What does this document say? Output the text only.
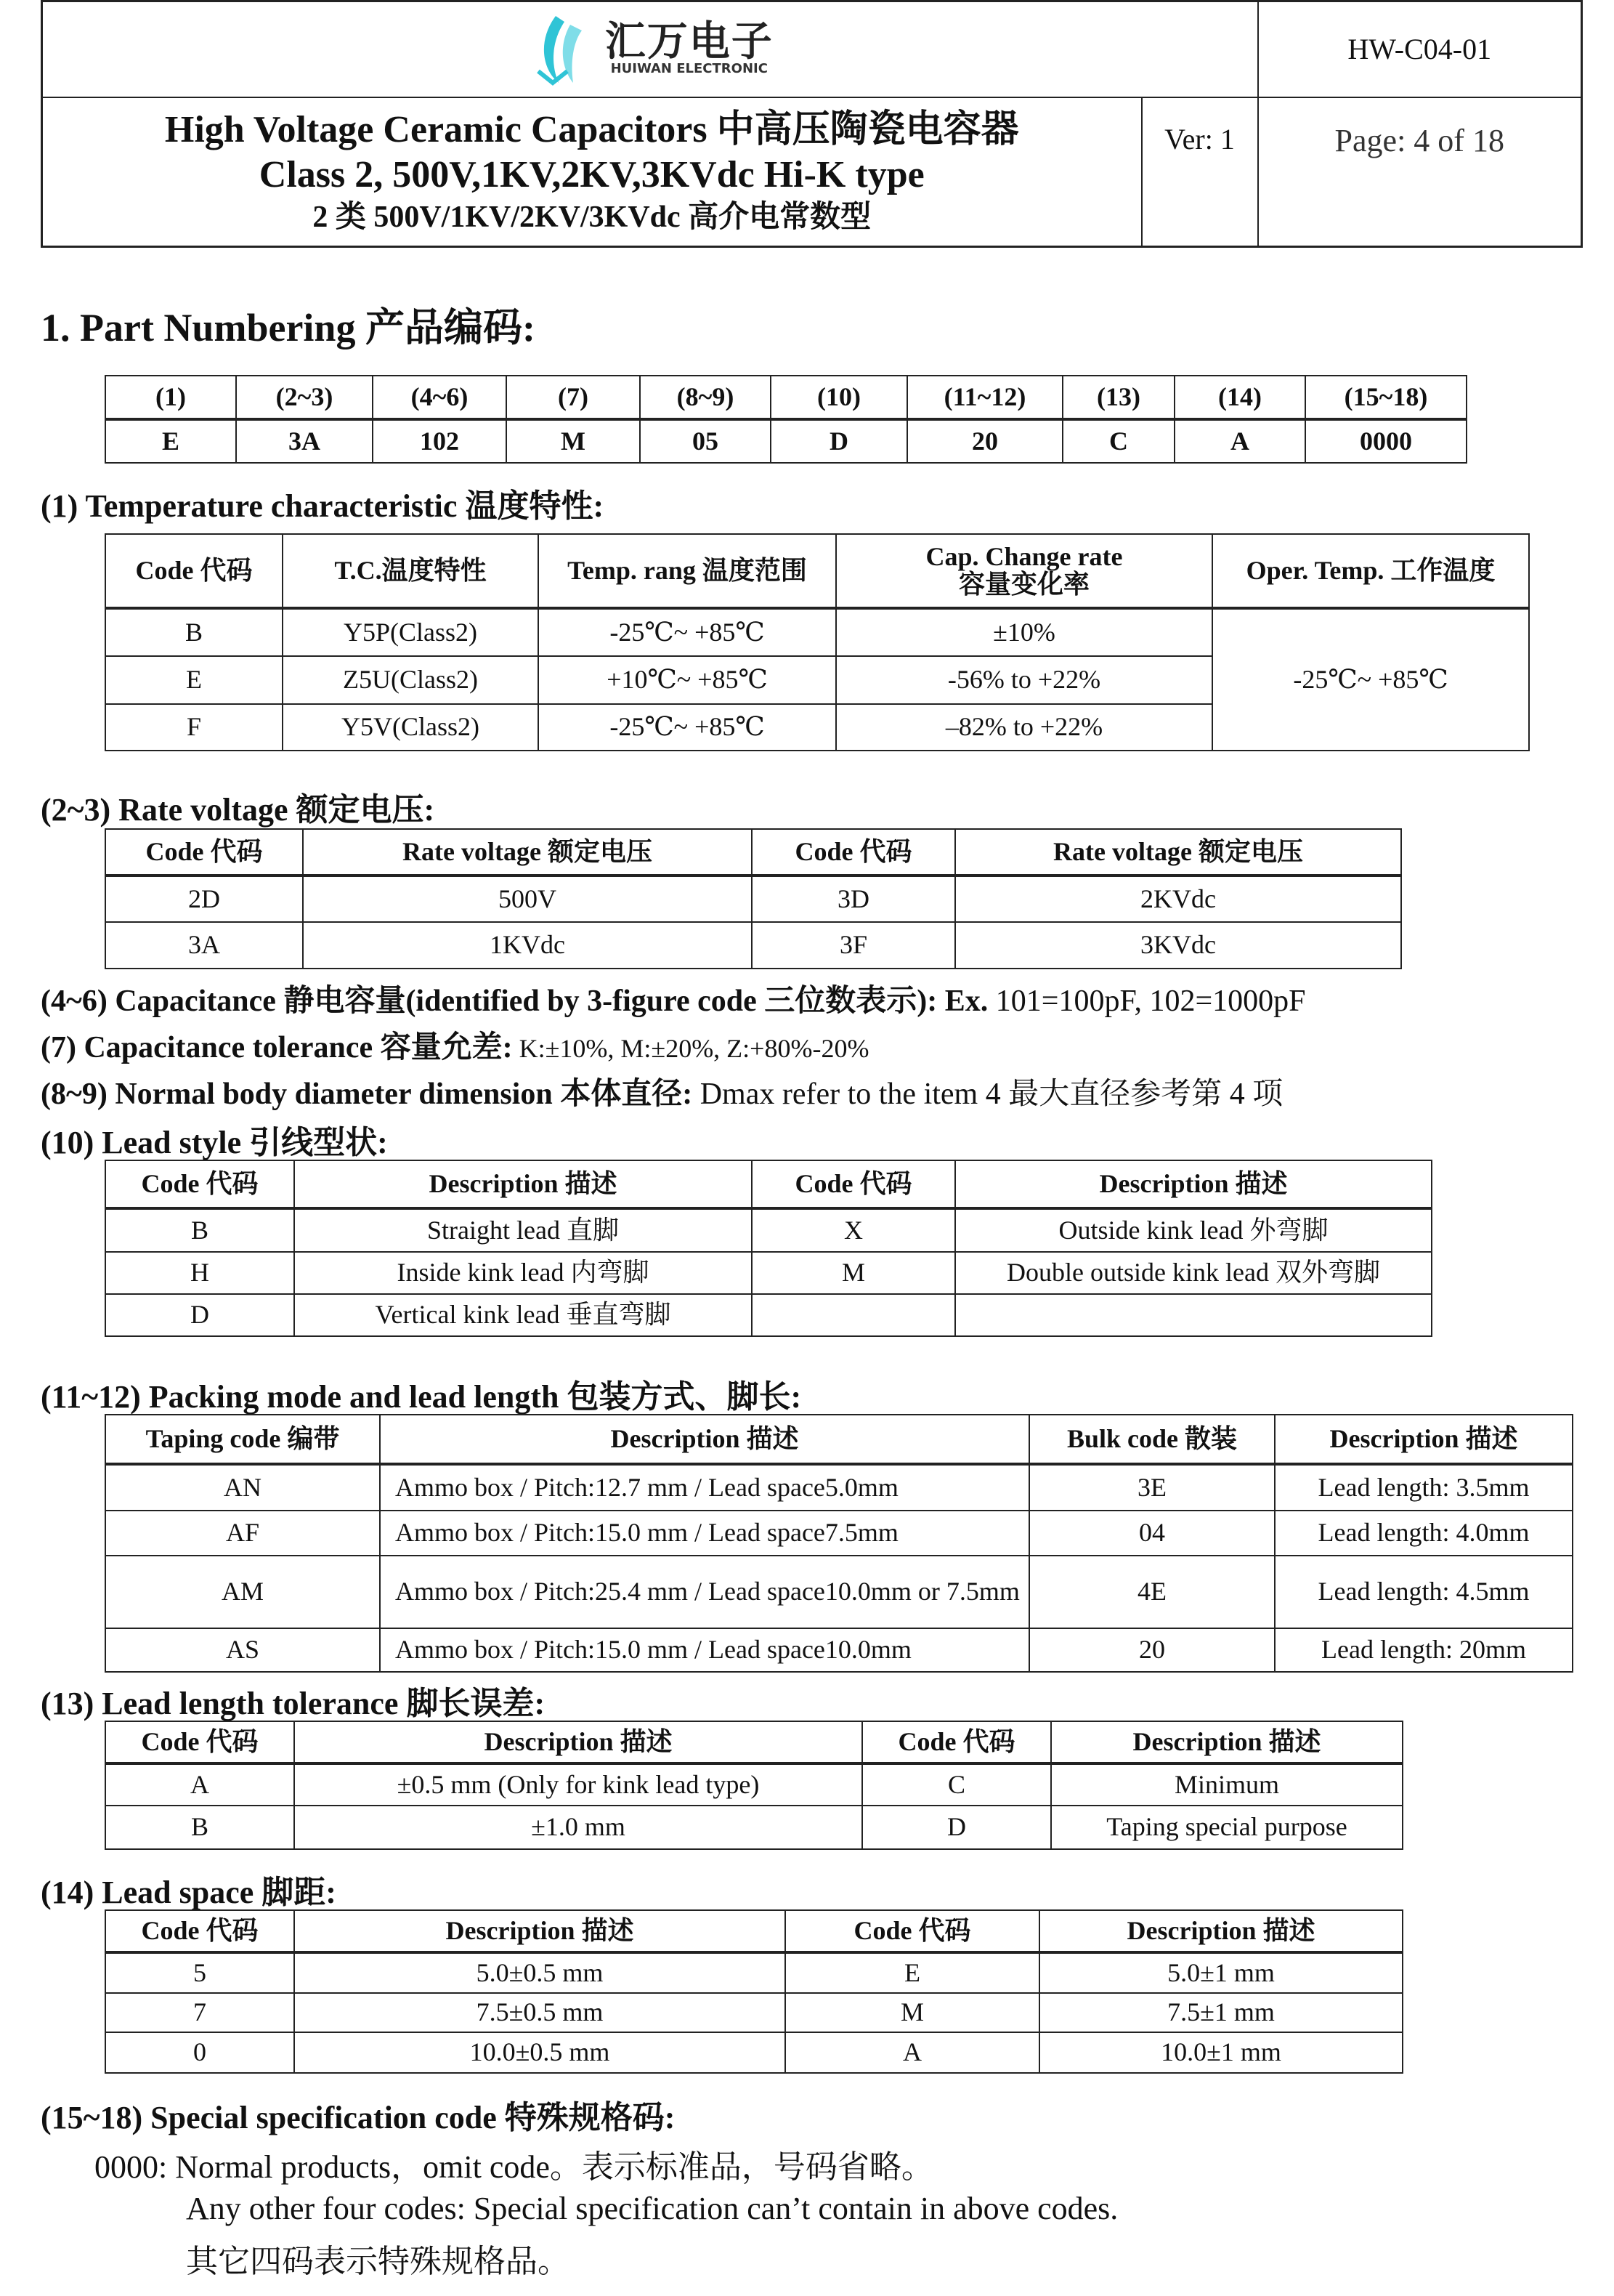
汇万电子
HUIWAN ELECTRONIC		HW-C04-01

High Voltage Ceramic Capacitors 中高压陶瓷电容器
Class 2, 500V,1KV,2KV,3KVdc Hi-K type
2 类 500V/1KV/2KV/3KVdc 高介电常数型	Ver: 1	Page: 4 of 18
1. Part Numbering 产品编码:
(1)	(2~3)	(4~6)	(7)	(8~9)	(10)	(11~12)	(13)	(14)	(15~18)
E	3A	102	M	05	D	20	C	A	0000
(1) Temperature characteristic 温度特性:
Code 代码	T.C.温度特性	Temp. rang 温度范围	Cap. Change rate
容量变化率	Oper. Temp. 工作温度
B	Y5P(Class2)	-25℃~ +85℃	±10%	-25℃~ +85℃
E	Z5U(Class2)	+10℃~ +85℃	-56% to +22%	
F	Y5V(Class2)	-25℃~ +85℃	–82% to +22%	
(2~3) Rate voltage 额定电压:
Code 代码	Rate voltage 额定电压	Code 代码	Rate voltage 额定电压
2D	500V	3D	2KVdc
3A	1KVdc	3F	3KVdc
(4~6) Capacitance 静电容量(identified by 3-figure code 三位数表示): Ex. 101=100pF, 102=1000pF
(7) Capacitance tolerance 容量允差: K:±10%, M:±20%, Z:+80%-20%
(8~9) Normal body diameter dimension 本体直径: Dmax refer to the item 4 最大直径参考第 4 项
(10) Lead style 引线型状:
Code 代码	Description 描述	Code 代码	Description 描述
B	Straight lead 直脚	X	Outside kink lead 外弯脚
H	Inside kink lead 内弯脚	M	Double outside kink lead 双外弯脚
D	Vertical kink lead 垂直弯脚		
(11~12) Packing mode and lead length 包装方式、脚长:
Taping code 编带	Description 描述	Bulk code 散装	Description 描述
AN	Ammo box / Pitch:12.7 mm / Lead space5.0mm	3E	Lead length: 3.5mm
AF	Ammo box / Pitch:15.0 mm / Lead space7.5mm	04	Lead length: 4.0mm
AM	Ammo box / Pitch:25.4 mm / Lead space10.0mm or 7.5mm	4E	Lead length: 4.5mm
AS	Ammo box / Pitch:15.0 mm / Lead space10.0mm	20	Lead length: 20mm
(13) Lead length tolerance 脚长误差:
Code 代码	Description 描述	Code 代码	Description 描述
A	±0.5 mm (Only for kink lead type)	C	Minimum
B	±1.0 mm	D	Taping special purpose
(14) Lead space 脚距:
Code 代码	Description 描述	Code 代码	Description 描述
5	5.0±0.5 mm	E	5.0±1 mm
7	7.5±0.5 mm	M	7.5±1 mm
0	10.0±0.5 mm	A	10.0±1 mm
(15~18) Special specification code 特殊规格码:
0000: Normal products，omit code。表示标准品，号码省略。
Any other four codes: Special specification can’t contain in above codes.
其它四码表示特殊规格品。
